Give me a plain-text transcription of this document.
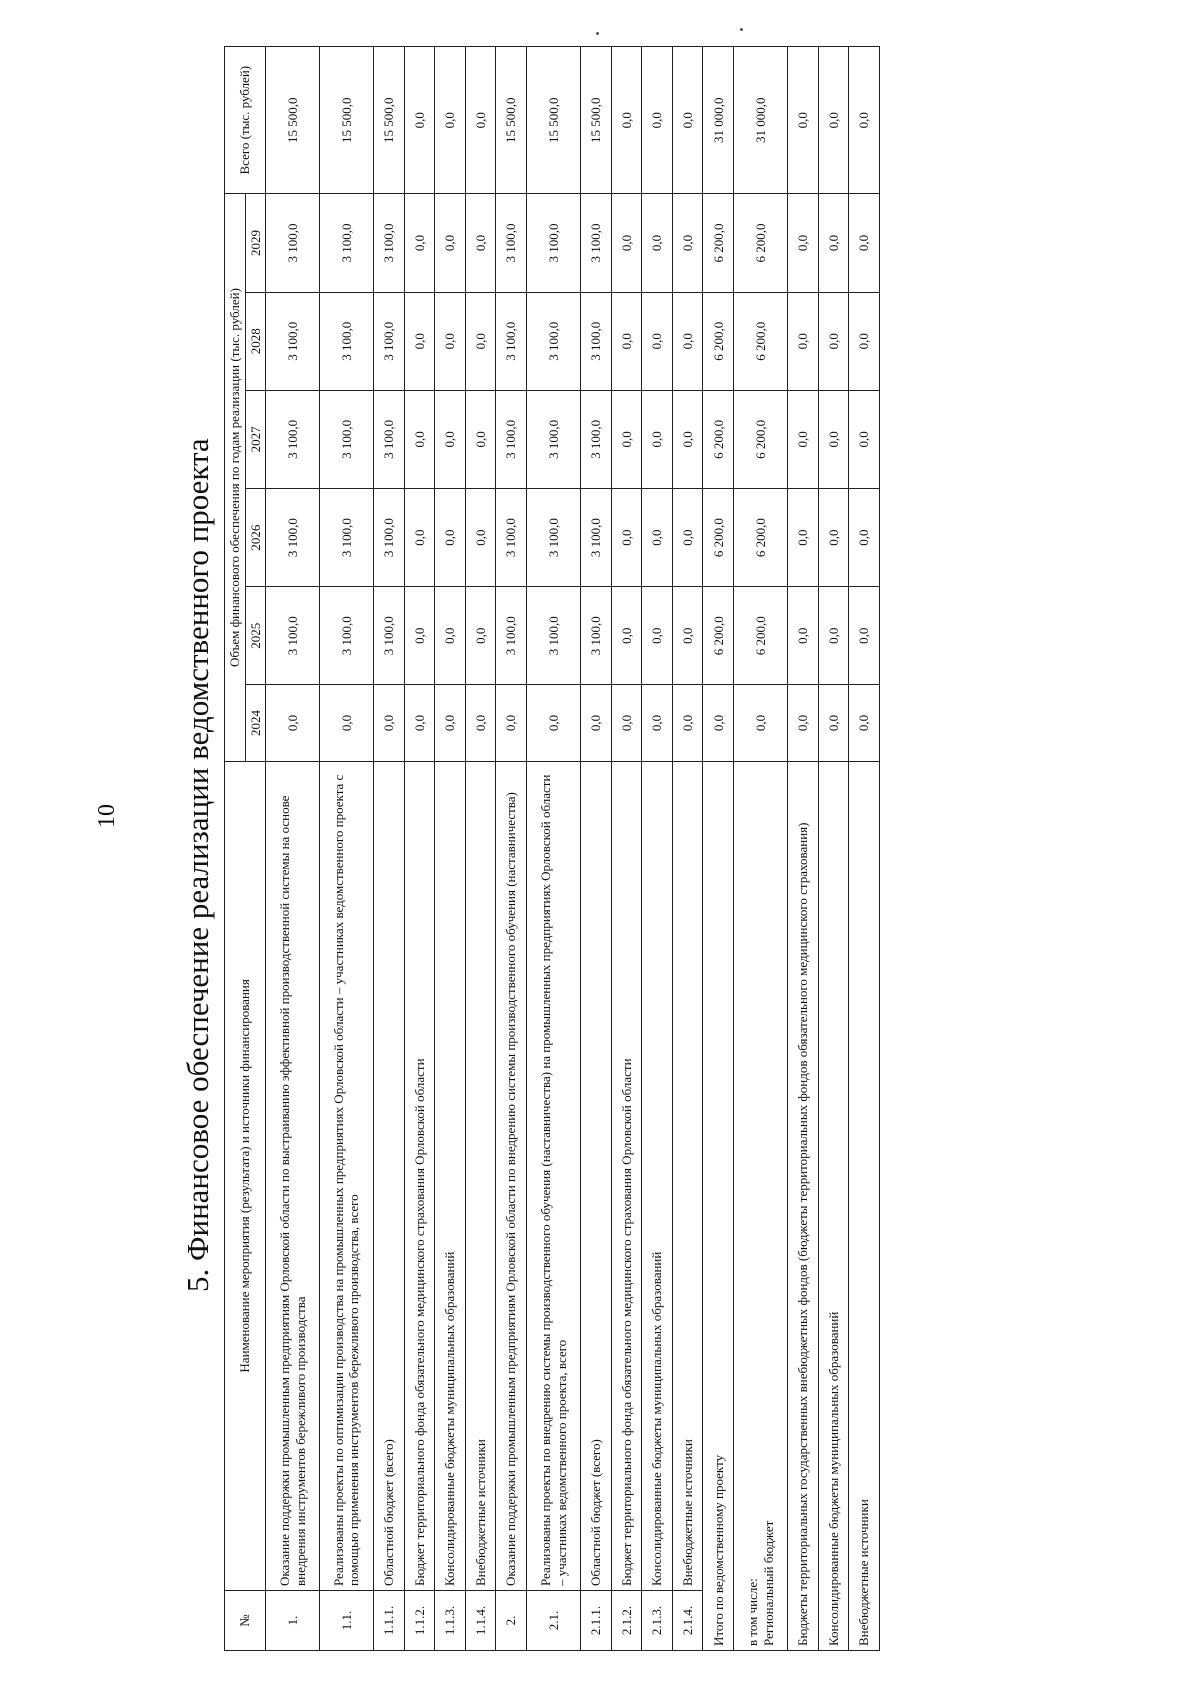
10 5. Финансовое обеспечение реализации ведомственного проекта
№	Наименование мероприятия (результата) и источники финансирования	Объем финансового обеспечения по годам реализации (тыс. рублей)						Всего (тыс. рублей)
		2024	2025	2026	2027	2028	2029	
1.	Оказание поддержки промышленным предприятиям Орловской области по выстраиванию эффективной производственной системы на основе внедрения инструментов бережливого производства	0,0	3 100,0	3 100,0	3 100,0	3 100,0	3 100,0	15 500,0
1.1.	Реализованы проекты по оптимизации производства на промышленных предприятиях Орловской области – участниках ведомственного проекта с помощью применения инструментов бережливого производства, всего	0,0	3 100,0	3 100,0	3 100,0	3 100,0	3 100,0	15 500,0
1.1.1.	Областной бюджет (всего)	0,0	3 100,0	3 100,0	3 100,0	3 100,0	3 100,0	15 500,0
1.1.2.	Бюджет территориального фонда обязательного медицинского страхования Орловской области	0,0	0,0	0,0	0,0	0,0	0,0	0,0
1.1.3.	Консолидированные бюджеты муниципальных образований	0,0	0,0	0,0	0,0	0,0	0,0	0,0
1.1.4.	Внебюджетные источники	0,0	0,0	0,0	0,0	0,0	0,0	0,0
2.	Оказание поддержки промышленным предприятиям Орловской области по внедрению системы производственного обучения (наставничества)	0,0	3 100,0	3 100,0	3 100,0	3 100,0	3 100,0	15 500,0
2.1.	Реализованы проекты по внедрению системы производственного обучения (наставничества) на промышленных предприятиях Орловской области – участниках ведомственного проекта, всего	0,0	3 100,0	3 100,0	3 100,0	3 100,0	3 100,0	15 500,0
2.1.1.	Областной бюджет (всего)	0,0	3 100,0	3 100,0	3 100,0	3 100,0	3 100,0	15 500,0
2.1.2.	Бюджет территориального фонда обязательного медицинского страхования Орловской области	0,0	0,0	0,0	0,0	0,0	0,0	0,0
2.1.3.	Консолидированные бюджеты муниципальных образований	0,0	0,0	0,0	0,0	0,0	0,0	0,0
2.1.4.	Внебюджетные источники	0,0	0,0	0,0	0,0	0,0	0,0	0,0

Итого по ведомственному проекту		0,0	6 200,0	6 200,0	6 200,0	6 200,0	6 200,0	31 000,0

в том числе: Региональный бюджет		0,0	6 200,0	6 200,0	6 200,0	6 200,0	6 200,0	31 000,0

Бюджеты территориальных государственных внебюджетных фондов (бюджеты территориальных фондов обязательного медицинского страхования)		0,0	0,0	0,0	0,0	0,0	0,0	0,0

Консолидированные бюджеты муниципальных образований		0,0	0,0	0,0	0,0	0,0	0,0	0,0

Внебюджетные источники		0,0	0,0	0,0	0,0	0,0	0,0	0,0
